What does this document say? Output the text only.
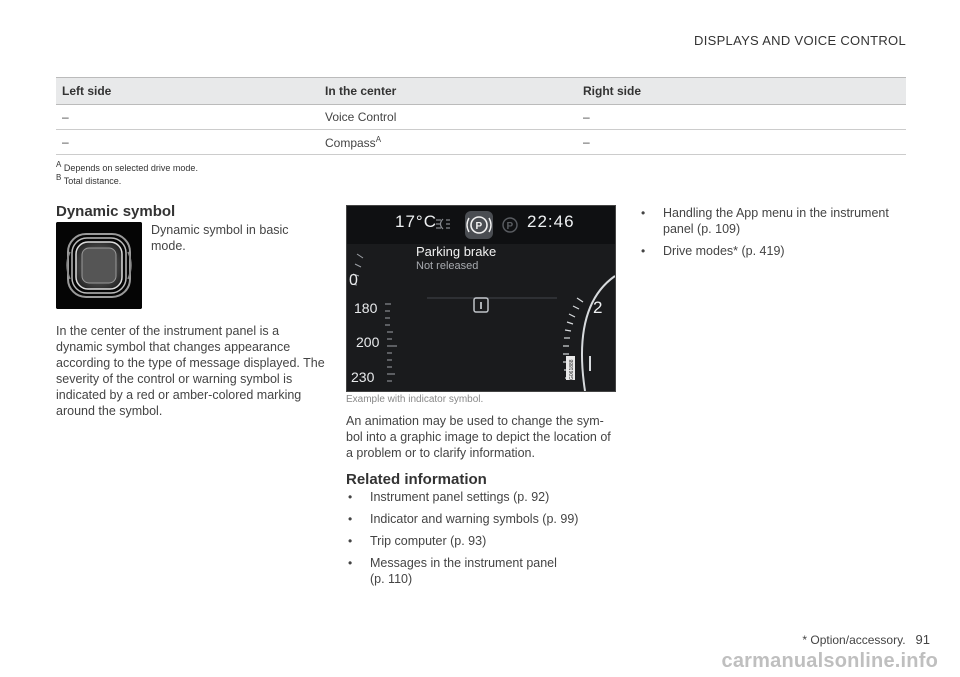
DISPLAYS AND VOICE CONTROL
Left side	In the center	Right side
–	Voice Control	–
–	Compass$^A$	–
$^A$ Depends on selected drive mode.
$^B$ Total distance.
Dynamic symbol
Dynamic symbol in basic mode.
In the center of the instrument panel is a dynamic symbol that changes appearance according to the type of message displayed. The severity of the control or warning symbol is indicated by a red or amber-colored marking around the symbol.
P P
17°C	22:46
Parking brake
Not released
0
180
200
230
2
G061888
Example with indicator symbol.
An animation may be used to change the sym-bol into a graphic image to depict the location of a problem or to clarify information.
Related information
• Instrument panel settings (p. 92)
• Indicator and warning symbols (p. 99)
• Trip computer (p. 93)
• Messages in the instrument panel (p. 110)
• Handling the App menu in the instrument panel (p. 109)
• Drive modes* (p. 419)
* Option/accessory. 91
carmanualsonline.info
